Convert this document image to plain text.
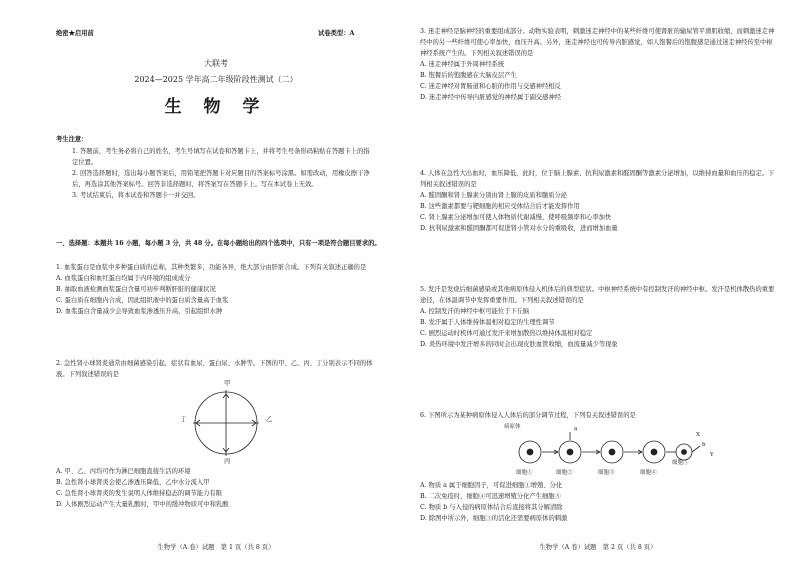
绝密★启用前	试卷类型：A
大联考
2024—2025 学年高二年级阶段性测试（二）
生 物 学
考生注意：

1. 答题前，考生务必将自己的姓名、考生号填写在试卷和答题卡上，并将考生号条形码粘贴在答题卡上的指定位置。

2. 回答选择题时，选出每小题答案后，用铅笔把答题卡对应题目的答案标号涂黑。如需改动，用橡皮擦干净后，再选涂其他答案标号。回答非选择题时，将答案写在答题卡上。写在本试卷上无效。

3. 考试结束后，将本试卷和答题卡一并交回。

一、选择题：本题共 16 小题，每小题 3 分，共 48 分。在每小题给出的四个选项中，只有一项是符合题目要求的。

1. 血浆蛋白是血浆中多种蛋白质的总称，其种类繁多，功能各异，绝大部分由肝脏合成。下列有关叙述正确的是

A. 血浆蛋白和血红蛋白均属于内环境的组成成分

B. 抽取血液检测血浆蛋白含量可初步判断肝脏的健康状况

C. 蛋白质在细胞内合成，因此组织液中的蛋白质含量高于血浆

D. 血浆蛋白含量减少会导致血浆渗透压升高，引起组织水肿

2. 急性肾小球肾炎通常由细菌感染引起，症状有血尿、蛋白尿、水肿等。下图的甲、乙、丙、丁分别表示不同的体液。下列叙述错误的是

甲
乙
丙
丁

A. 甲、乙、丙均可作为淋巴细胞直接生活的环境

B. 急性肾小球肾炎会使乙渗透压降低，乙中水分流入甲

C. 急性肾小球肾炎的发生说明人体维持稳态的调节能力有限

D. 人体剧烈运动产生大量乳酸时，甲中的缓冲物质可中和乳酸

生物学（A 卷）试题　第 1 页（共 8 页）

3. 迷走神经是脑神经的重要组成部分。动物实验表明，刺激迷走神经中的某些纤维可使肾脏的输尿管平滑肌收缩，而刺激迷走神经中的另一些纤维可使心率加快，血压升高。另外，迷走神经也可传导内脏感觉，如人饱餐后的饱腹感是通过迷走神经传至中枢神经系统产生的。下列相关叙述错误的是

A. 迷走神经属于外周神经系统

B. 饱餐后的饱腹感在大脑皮层产生

C. 迷走神经对胃肠道和心脏的作用与交感神经相反

D. 迷走神经中传导内脏感觉的神经属于副交感神经

4. 人体在急性大出血时，血压降低，此时，位于脑上腺素、抗利尿激素和醛固酮等激素分泌增加，以维持血量和血压的稳定。下列相关叙述错误的是

A. 醛固酮和肾上腺素分别由肾上腺的皮质和髓质分泌

B. 这些激素都要与靶细胞的相应受体结合后才能发挥作用

C. 肾上腺素分泌增加可使人体物质代谢减慢，使呼吸频率和心率加快

D. 抗利尿激素和醛固酮都可促进肾小管对水分的重吸收，进而增加血量

5. 发汗是发烧后细菌感染或其他病原体侵入机体后的典型症状。中枢神经系统中有控制发汗的神经中枢。发汗是机体散热的重要途径，在体温调节中发挥重要作用。下列相关叙述错误的是

A. 控制发汗的神经中枢可能位于下丘脑

B. 发汗属于人体维持体温相对稳定的生理性调节

C. 剧烈运动时机体可通过发汗来增加散热以维持体温相对稳定

D. 炎热环境中发汗增多的同时会出现皮肤血管收缩，血流量减少等现象

6. 下图所示为某种病原体侵入人体后的部分调节过程，下列有关叙述错误的是

病原体
细胞①	细胞②	细胞③	细胞④
细胞⑤
a
b
X
Y

A. 物质 a 属于细胞因子，可促进细胞①增殖、分化

B. 二次免疫时，细胞④可迅速增殖分化产生细胞⑤

C. 物质 b 与入侵的病原体结合后直接将其分解清除

D. 除图中所示外，细胞③的活化还需要病原体的刺激

生物学（A 卷）试题　第 2 页（共 8 页）
